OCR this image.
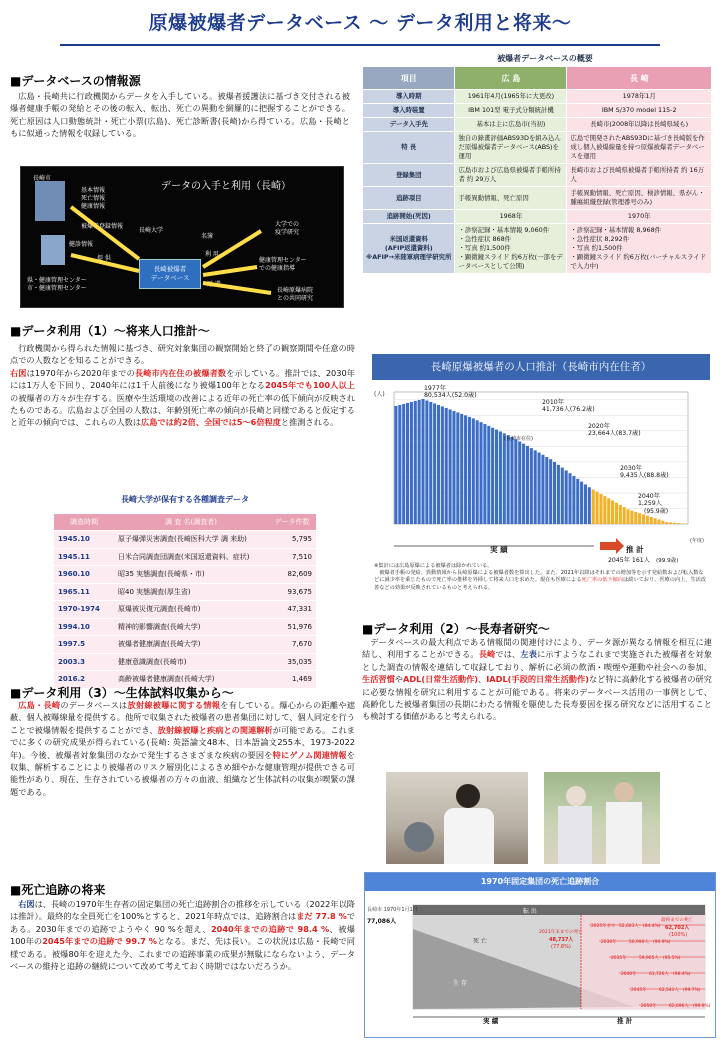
原爆被爆者データベース ～ データ利用と将来～
■データベースの情報源
広島・長崎共に行政機関からデータを入手している。被爆者援護法に基づき交付される被爆者健康手帳の発給とその後の転入、転出、死亡の異動を網羅的に把握することができる。死亡原因は人口動態統計・死亡小票(広島)、死亡診断書(長崎)から得ている。広島・長崎ともに似通った情報を収録している。
データの入手と利用（長崎）
長崎市
基本情報
死亡情報
健康情報
被爆者登録情報
健診情報
提 供
県・健康管理センター
市・健康管理センター
長崎大学
長崎被爆者
データベース
名簿
利 用
返 還
大学での
疫学研究
健康管理センター
での健康指導
長崎原爆病院
との共同研究
被爆者データベースの概要
項目	広 島	長 崎
導入時期	1961年4月(1965年に大更改)	1978年1月
導入時装置	IBM 101型 電子式分類統計機	IBM S/370 model 115-2
データ入手先	基本は主に広島市(当初)	長崎市(2008年以降は長崎県域も)
特 長	独自の錄畫評価ABS93Dを組み込んだ原爆被爆者データベース(ABS)を運用	広島で開発されたABS93Dに基づき長崎版を作成し個人被爆線量を持つ原爆被爆者データベースを運用
登録集団	広島市および広島県被爆者手帳所持者 約 29万人	長崎市および長崎県被爆者手帳所持者 約 16万人
追跡項目	手帳異動情報、死亡原因	手帳異動情報、死亡原因、検診情報、県がん・腫瘍組織登録(管理番号のみ)
追跡開始(死因)	1968年	1970年
米国返還資料
(AFIP返還資料)
※AFIP→米陸軍病理学研究所	・診察記録・基本情報 9,060件
・急性症状 868件
・写真 約1,500件
・顕微鏡スライド 約6万枚(一部をデータベースとして公開)	・診察記録・基本情報 8,968件
・急性症状 8,292件
・写真 約1,500件
・顕微鏡スライド 約6万枚(バーチャルスライドで入力中)
■データ利用（1）～将来人口推計～
行政機関から得られた情報に基づき、研究対象集団の観察開始と終了の観察期間や任意の時点での人数などを知ることができる。
右図は1970年から2020年までの長崎市内在住の被爆者数を示している。推計では、2030年には1万人を下回り、2040年には1千人前後になり被爆100年となる2045年でも100人以上の被爆者の方々が生存する。医療や生活環境の改善による近年の死亡率の低下傾向が反映されたものである。広島および全国の人数は、年齢別死亡率の傾向が長崎と同様であると仮定すると近年の傾向では、これらの人数は広島では約2倍、全国では5～6倍程度と推測される。
長崎大学が保有する各種調査データ
調査時期	調 査 名(調査者)	データ件数
1945.10	原子爆弾災害調査(長崎医科大学 調 来助)	5,795
1945.11	日米合同調査団調査(米国返還資料、症状)	7,510
1960.10	昭35 実態調査(長崎県・市)	82,609
1965.11	昭40 実態調査(厚生省)	93,675
1970-1974	原爆被災復元調査(長崎市)	47,331
1994.10	精神的影響調査(長崎大学)	51,976
1997.5	被爆者健康調査(長崎大学)	7,670
2003.3	健康意識調査(長崎市)	35,035
2016.2	高齢被爆者健康調査(長崎大学)	1,469
■データ利用（3）～生体試料収集から～
広島・長崎のデータベースは放射線被曝に関する情報を有している。爆心からの距離や遮蔽、個人被曝線量を提供する。他所で収集された被爆者の患者集団に対して、個人同定を行うことで被爆情報を提供することができ、放射線被曝と疾病との関連解析が可能である。これまでに多くの研究成果が得られている(長崎: 英語論文48本、日本語論文255本、1973-2022年)。今後、被爆者対象集団のなかで発生するさまざまな疾病の要因を特にゲノム関連情報を収集、解析することにより被爆者のリスク層別化によるきめ細やかな健康管理が提供できる可能性があり、現在、生存されている被爆者の方々の血液、組織など生体試料の収集が喫緊の課題である。
■死亡追跡の将来
右図は、長崎の1970年生存者の固定集団の死亡追跡割合の推移を示している（2022年以降は推計）。最終的な全員死亡を100%とすると、2021年時点では、追跡割合はまだ 77.8 %である。2030年までの追跡でようやく 90 %を超え、2040年までの追跡で 98.4 %、被爆100年の2045年までの追跡で 99.7 %となる。まだ、先は長い。この状況は広島・長崎で同様である。被爆80年を迎えた今、これまでの追跡事業の成果が無駄にならないよう、データベースの維持と追跡の継続について改めて考えておく時期ではないだろうか。
長崎原爆被爆者の人口推計（長崎市内在住者）
(人)
(年度)
1977年
80,534人(52.0歳)
2010年
41,736人(76.2歳)
2020年
23,664人(83.7歳)
2030年
9,435人(88.8歳)
2040年
1,259人
(95.9歳)
2045年 161人 (99.9歳)
(長崎市在住)
実 績	推 計
※集計には広島原爆による被爆者は除かれている。
被爆者手帳の発給、異動情報から長崎原爆による被爆者数を算出した。また、2021年以降はそれまでの増加等を示す発給数および転入数などに減少率を乗じたもので死亡率の推移を外挿して将来人口を求めた。現在も医療による死亡率の低下傾向は続いており、医療の向上、生活改善などの効果が反映されているものと考えられる。
■データ利用（2）～長寿者研究～
データベースの最大利点である情報間の関連付けにより、データ源が異なる情報を相互に連結し、利用することができる。長崎では、左表に示すようなこれまで実施された被爆者を対象とした調査の情報を連結して収録しており、解析に必須の飲酒・喫煙や運動や社会への参加、生活習慣やADL(日常生活動作)、IADL(手段的日常生活動作)など特に高齢化する被爆者の研究に必要な情報を研究に利用することが可能である。将来のデータベース活用の一事例として、高齢化した被爆者集団の長期にわたる情報を駆使した長寿要因を探る研究などに活用することも検討する価値があると考えられる。
1970年固定集団の死亡追跡割合
長崎市 1970年1月1日
77,086人
転 出
死 亡
生 存
2021年末までの死亡
48,737人
(77.8%)
最終までの死亡
62,702人
(100%)
2025年まで 52,603人 (84.4%)
2030年	56,990人 (90.9%)
2035年	59,905人 (95.5%)
2040年	61,726人 (98.4%)
2045年	62,541人 (99.7%)
2050年	62,696人 (99.9%)
実 績	推 計
